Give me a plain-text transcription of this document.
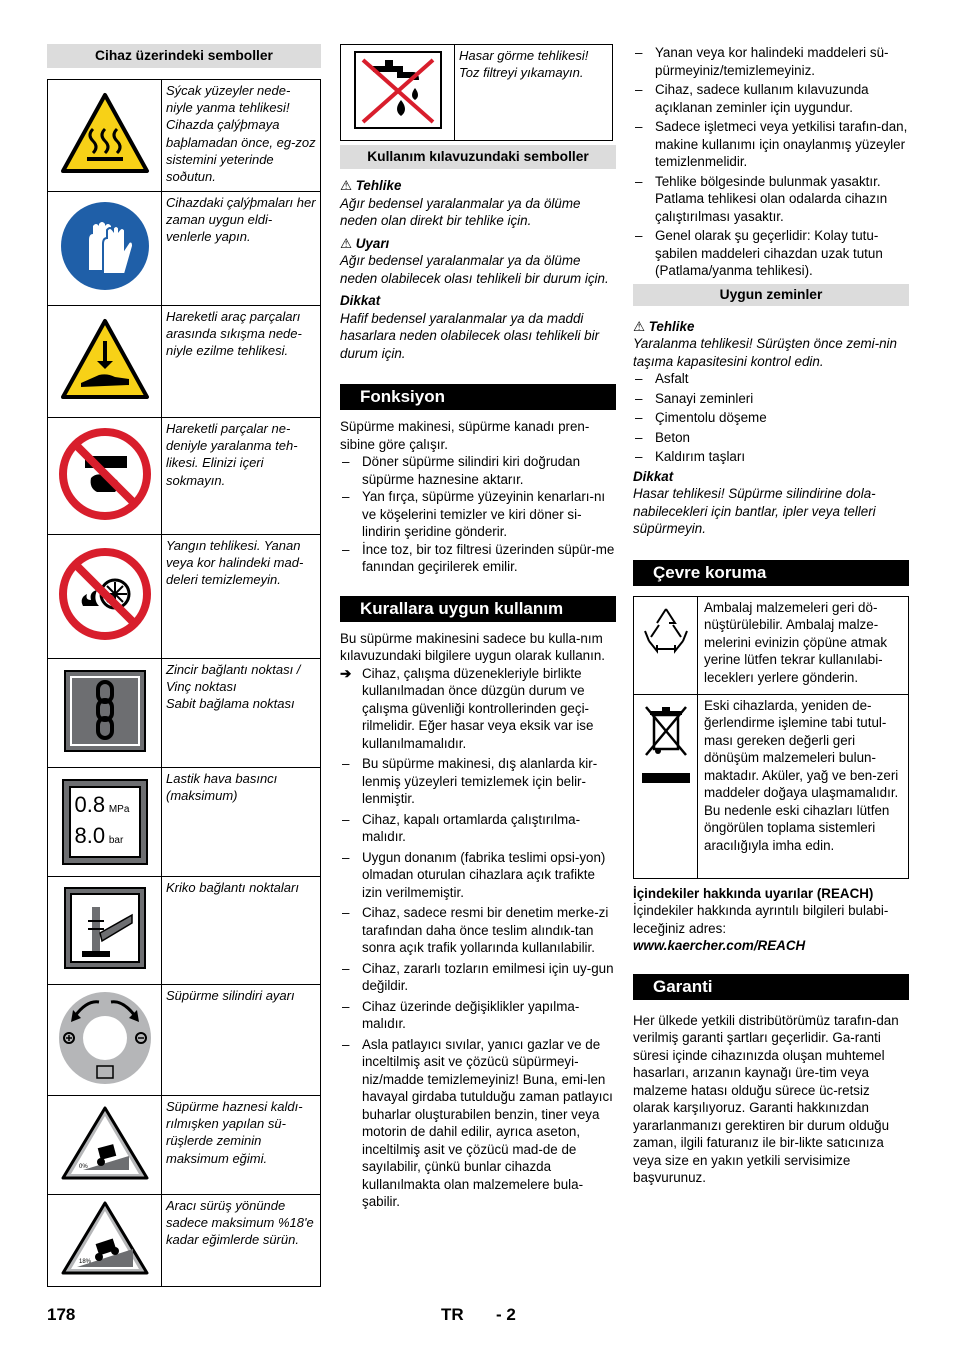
Cihaz üzerindeki semboller
	Sýcak yüzeyler nede-niyle yanma tehlikesi! Cihazda çalýþmaya baþlamadan önce, eg-zoz sistemini yeterinde soðutun.
	Cihazdaki çalýþmaları her zaman uygun eldi-venlerle yapın.
	Hareketli araç parçaları arasında sıkışma nede-niyle ezilme tehlikesi.
	Hareketli parçalar ne-deniyle yaralanma teh-likesi. Elinizi içeri sokmayın.
	Yangın tehlikesi. Yanan veya kor halindeki mad-deleri temizlemeyin.
	Zincir bağlantı noktası / Vinç noktası
Sabit bağlama noktası

0.8 MPa
8.0 bar	Lastik hava basıncı (maksimum)
	Kriko bağlantı noktaları
	Süpürme silindiri ayarı

0%	Süpürme haznesi kaldı-rılmışken yapılan sü-rüşlerde zeminin maksimum eğimi.

18%	Aracı sürüş yönünde sadece maksimum %18'e kadar eğimlerde sürün.
	Hasar görme tehlikesi! Toz filtreyi yıkamayın.
Kullanım kılavuzundaki semboller
⚠ Tehlike

Ağır bedensel yaralanmalar ya da ölüme neden olan direkt bir tehlike için.

⚠ Uyarı

Ağır bedensel yaralanmalar ya da ölüme neden olabilecek olası tehlikeli bir durum için.

Dikkat

Hafif bedensel yaralanmalar ya da maddi hasarlara neden olabilecek olası tehlikeli bir durum için.

Fonksiyon

Süpürme makinesi, süpürme kanadı pren-sibine göre çalışır.

– Döner süpürme silindiri kiri doğrudan süpürme haznesine aktarır.
– Yan fırça, süpürme yüzeyinin kenarları-nı ve köşelerini temizler ve kiri döner si-lindirin şeridine gönderir.
– İnce toz, bir toz filtresi üzerinden süpür-me fanından geçirilerek emilir.
Kurallara uygun kullanım

Bu süpürme makinesini sadece bu kulla-nım kılavuzundaki bilgilere uygun olarak kullanın.

➔ Cihaz, çalışma düzenekleriyle birlikte kullanılmadan önce düzgün durum ve çalışma güvenliği kontrollerinden geçi-rilmelidir. Eğer hasar veya eksik var ise kullanılmamalıdır.
– Bu süpürme makinesi, dış alanlarda kir-lenmiş yüzeyleri temizlemek için belir-lenmiştir.
– Cihaz, kapalı ortamlarda çalıştırılma-malıdır.
– Uygun donanım (fabrika teslimi opsi-yon) olmadan oturulan cihazlara açık trafikte izin verilmemiştir.
– Cihaz, sadece resmi bir denetim merke-zi tarafından daha önce teslim alındık-tan sonra açık trafik yollarında kullanılabilir.
– Cihaz, zararlı tozların emilmesi için uy-gun değildir.
– Cihaz üzerinde değişiklikler yapılma-malıdır.
– Asla patlayıcı sıvılar, yanıcı gazlar ve de inceltilmiş asit ve çözücü süpürmeyi-niz/madde temizlemeyiniz! Buna, emi-len havayal girdaba tutulduğu zaman patlayıcı buharlar oluşturabilen benzin, tiner veya motorin de dahil edilir, ayrıca aseton, inceltilmiş asit ve çözücü mad-de de sayılabilir, çünkü bunlar cihazda kullanılmakta olan malzemelere bula-şabilir.
– Yanan veya kor halindeki maddeleri sü-pürmeyiniz/temizlemeyiniz.
– Cihaz, sadece kullanım kılavuzunda açıklanan zeminler için uygundur.
– Sadece işletmeci veya yetkilisi tarafın-dan, makine kullanımı için onaylanmış yüzeyler temizlenmelidir.
– Tehlike bölgesinde bulunmak yasaktır. Patlama tehlikesi olan odalarda cihazın çalıştırılması yasaktır.
– Genel olarak şu geçerlidir: Kolay tutu-şabilen maddeleri cihazdan uzak tutun (Patlama/yanma tehlikesi).
Uygun zeminler
⚠ Tehlike

Yaralanma tehlikesi! Sürüşten önce zemi-nin taşıma kapasitesini kontrol edin.

– Asfalt
– Sanayi zeminleri
– Çimentolu döşeme
– Beton
– Kaldırım taşları
Dikkat

Hasar tehlikesi! Süpürme silindirine dola-nabilecekleri için bantlar, ipler veya telleri süpürmeyin.

Çevre koruma
	Ambalaj malzemeleri geri dö-nüştürülebilir. Ambalaj malze-melerini evinizin çöpüne atmak yerine lütfen tekrar kullanılabi-leceklerı yerlere gönderin.
	Eski cihazlarda, yeniden de-ğerlendirme işlemine tabi tutul-ması gereken değerli geri dönüşüm malzemeleri bulun-maktadır. Aküler, yağ ve ben-zeri maddeler doğaya ulaşmamalıdır. Bu nedenle eski cihazları lütfen öngörülen toplama sistemleri aracılığıyla imha edin.

İçindekiler hakkında uyarılar (REACH)

İçindekiler hakkında ayrıntılı bilgileri bulabi-leceğiniz adres:

www.kaercher.com/REACH

Garanti

Her ülkede yetkili distribütörümüz tarafın-dan verilmiş garanti şartları geçerlidir. Ga-ranti süresi içinde cihazınızda oluşan muhtemel hasarları, arızanın kaynağı üre-tim veya malzeme hatası olduğu sürece üc-retsiz olarak karşılıyoruz. Garanti hakkınızdan yararlanmanızı gerektiren bir durum olduğu zaman, ilgili faturanız ile bir-likte satıcınıza veya size en yakın yetkili servisimize başvurunuz.

178	TR - 2
